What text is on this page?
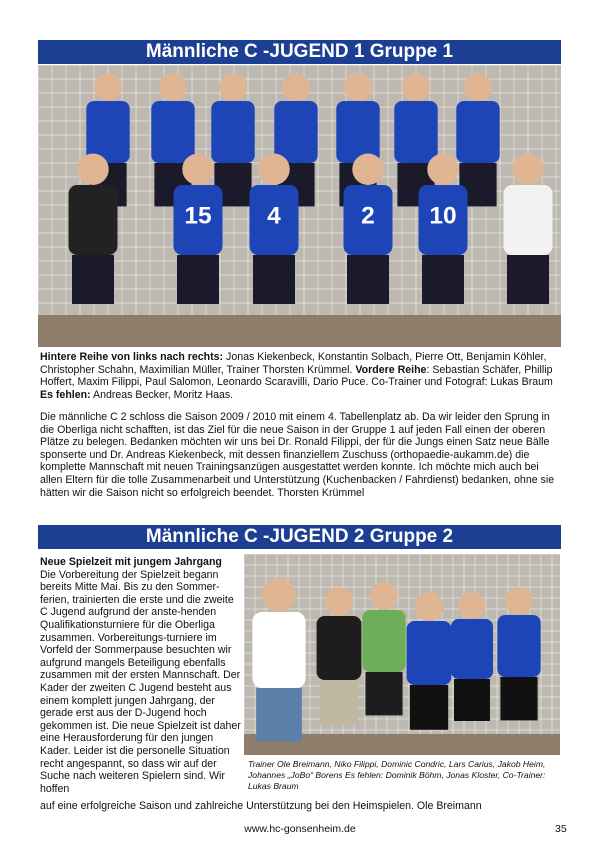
Männliche C -JUGEND 1 Gruppe 1
15 4	2 10

Hintere Reihe von links nach rechts: Jonas Kiekenbeck, Konstantin Solbach, Pierre Ott, Benjamin Köhler, Christopher Schahn, Maximilian Müller, Trainer Thorsten Krümmel. Vordere Reihe: Sebastian Schäfer, Phillip Hoffert, Maxim Filippi, Paul Salomon, Leonardo Scaravilli, Dario Puce. Co-Trainer und Fotograf: Lukas Braum Es fehlen: Andreas Becker, Moritz Haas.

Die männliche C 2 schloss die Saison 2009 / 2010 mit einem 4. Tabellenplatz ab. Da wir leider den Sprung in die Oberliga nicht schafften, ist das Ziel für die neue Saison in der Gruppe 1 auf jeden Fall einen der oberen Plätze zu belegen. Bedanken möchten wir uns bei Dr. Ronald Filippi, der für die Jungs einen Satz neue Bälle sponserte und Dr. Andreas Kiekenbeck, mit dessen finanziellem Zuschuss (orthopaedie-aukamm.de) die komplette Mannschaft mit neuen Trainingsanzügen ausgestattet werden konnte. Ich möchte mich auch bei allen Eltern für die tolle Zusammenarbeit und Unterstützung (Kuchenbacken / Fahrdienst) bedanken, ohne sie hätten wir die Saison nicht so erfolgreich beendet. Thorsten Krümmel

Männliche C -JUGEND 2 Gruppe 2

Neue Spielzeit mit jungem Jahrgang
Die Vorbereitung der Spielzeit begann bereits Mitte Mai. Bis zu den Sommer-ferien, trainierten die erste und die zweite C Jugend aufgrund der anste-henden Qualifikationsturniere für die Oberliga zusammen. Vorbereitungs-turniere im Vorfeld der Sommerpause besuchten wir aufgrund mangels Beteiligung ebenfalls zusammen mit der ersten Mannschaft. Der Kader der zweiten C Jugend besteht aus einem komplett jungen Jahrgang, der gerade erst aus der D-Jugend hoch gekommen ist. Die neue Spielzeit ist daher eine Herausforderung für den jungen Kader. Leider ist die personelle Situation recht angespannt, so dass wir auf der Suche nach weiteren Spielern sind. Wir hoffen

Trainer Ole Breimann, Niko Filippi, Dominic Condric, Lars Carius, Jakob Heim, Johannes „JoBo“ Borens Es fehlen: Dominik Böhm, Jonas Kloster, Co-Trainer: Lukas Braum

auf eine erfolgreiche Saison und zahlreiche Unterstützung bei den Heimspielen. Ole Breimann

www.hc-gonsenheim.de	35
